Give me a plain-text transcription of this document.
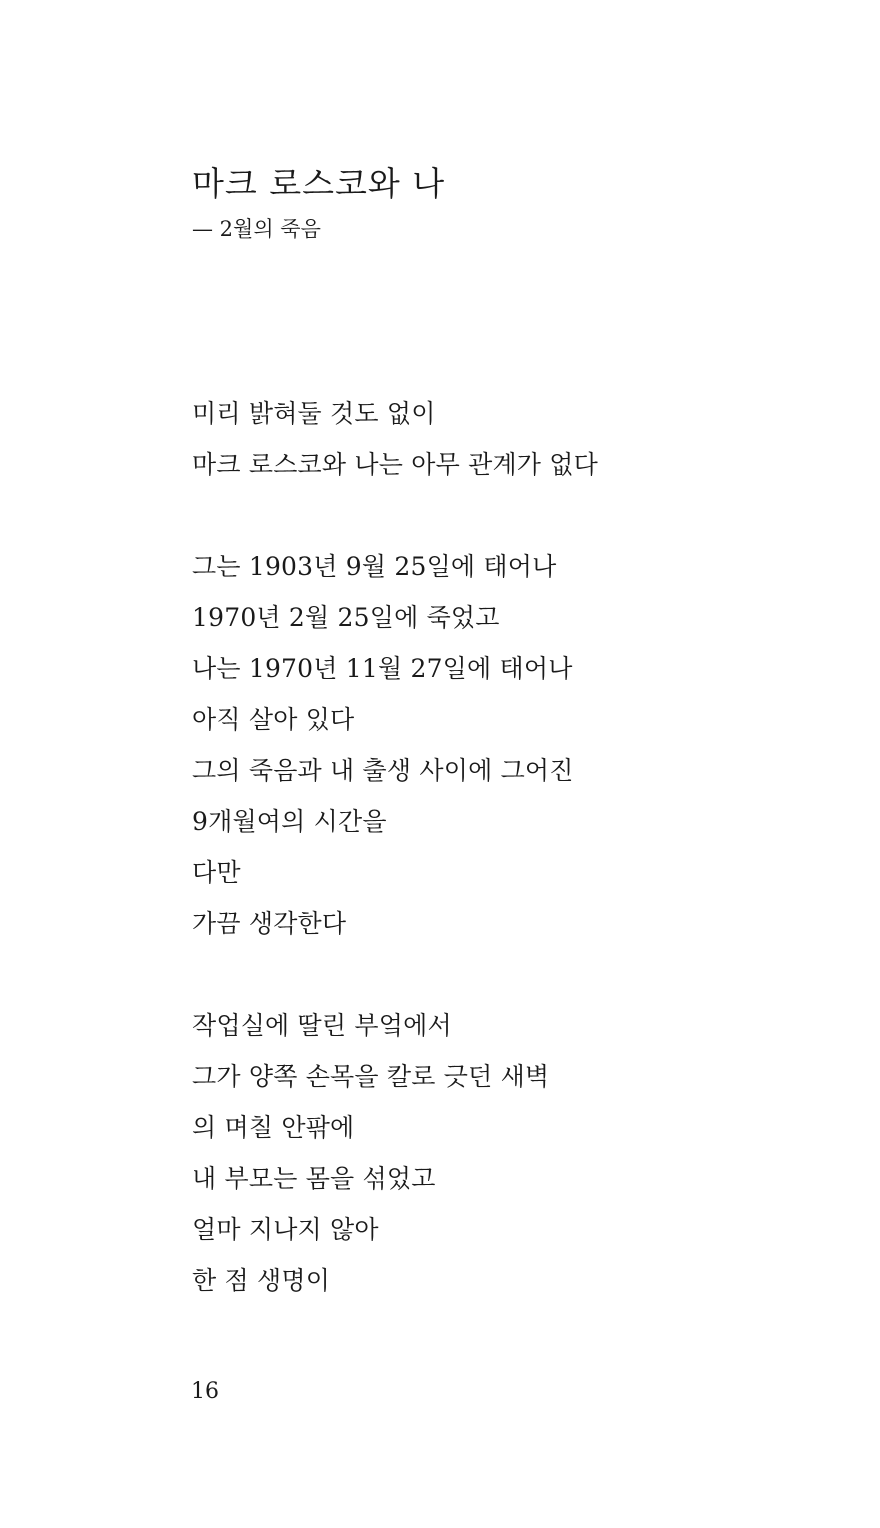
마크 로스코와 나
— 2월의 죽음
미리 밝혀둘 것도 없이
마크 로스코와 나는 아무 관계가 없다
그는 1903년 9월 25일에 태어나
1970년 2월 25일에 죽었고
나는 1970년 11월 27일에 태어나
아직 살아 있다
그의 죽음과 내 출생 사이에 그어진
9개월여의 시간을
다만
가끔 생각한다
작업실에 딸린 부엌에서
그가 양쪽 손목을 칼로 긋던 새벽
의 며칠 안팎에
내 부모는 몸을 섞었고
얼마 지나지 않아
한 점 생명이
16
